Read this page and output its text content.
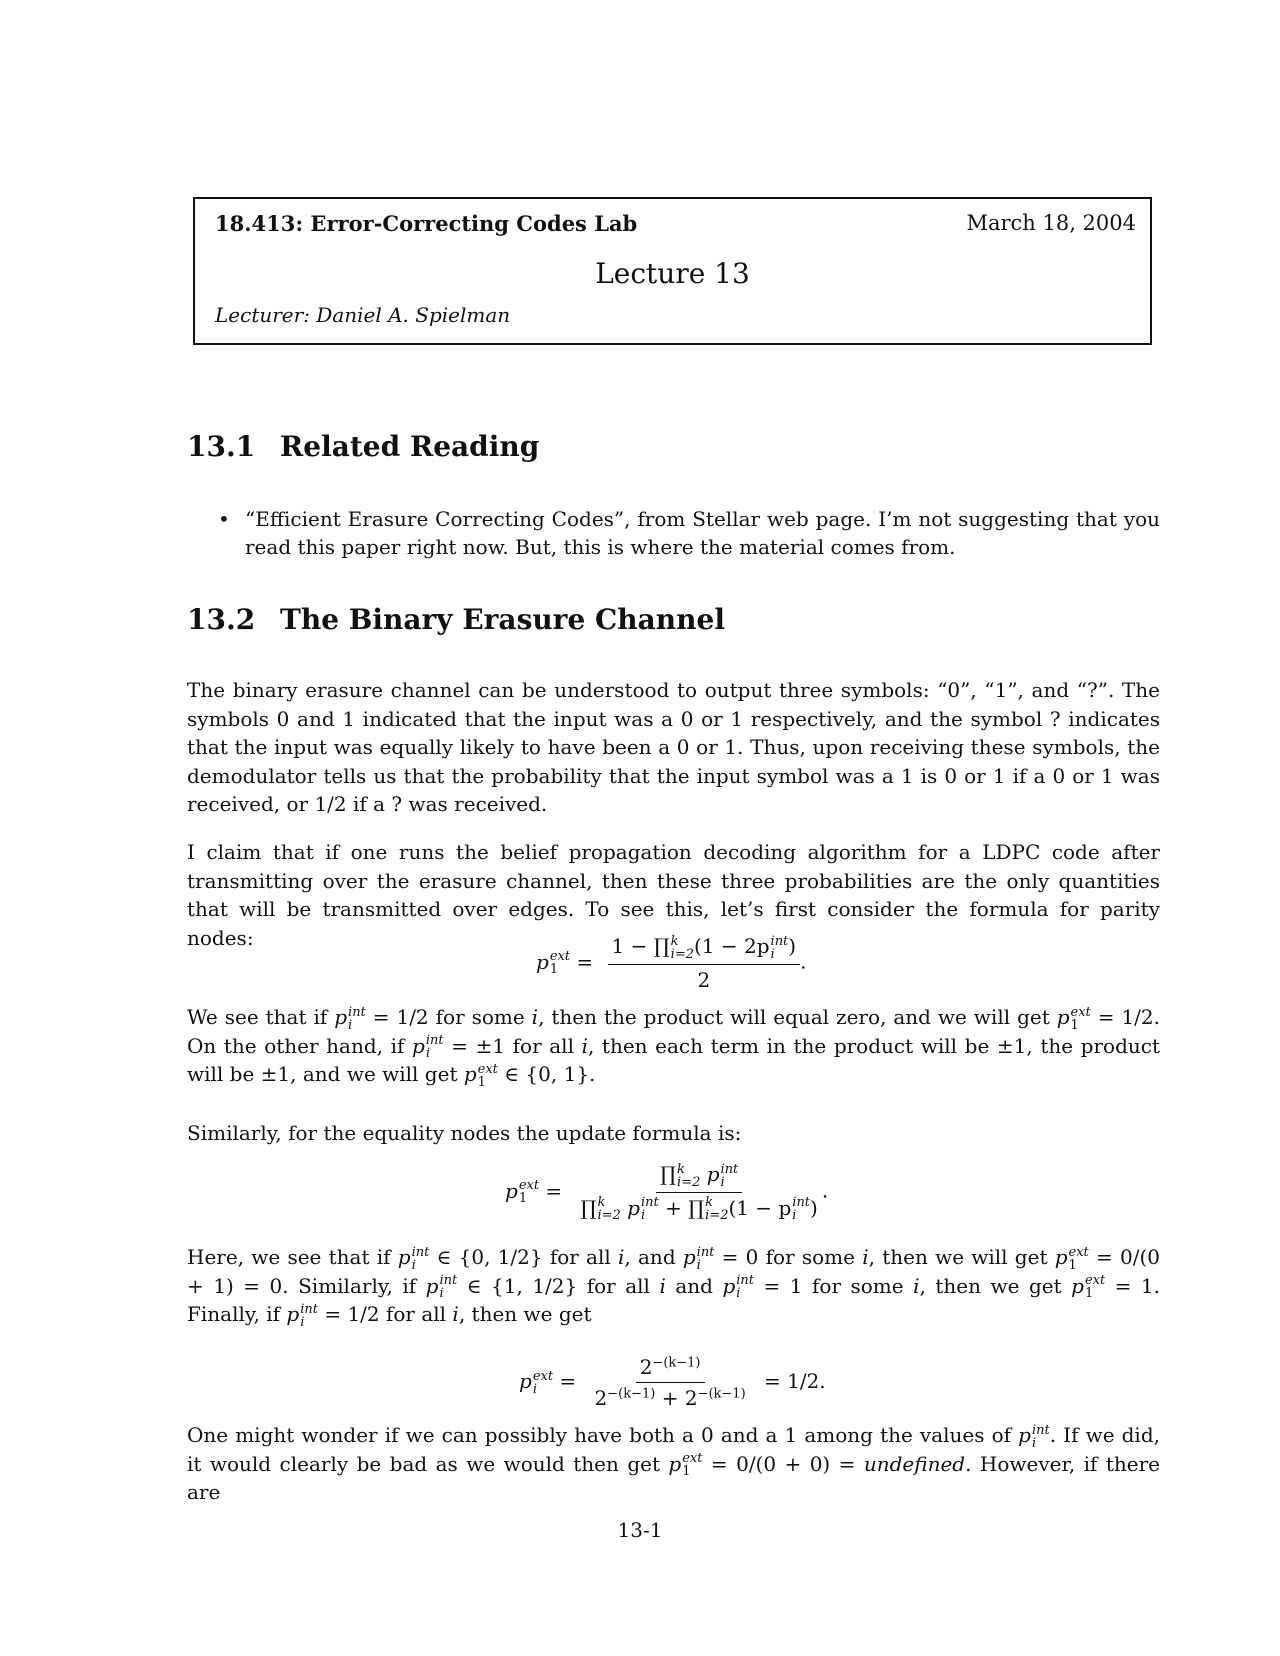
18.413: Error-Correcting Codes Lab	March 18, 2004
Lecture 13
Lecturer: Daniel A. Spielman
13.1 Related Reading
• “Efficient Erasure Correcting Codes”, from Stellar web page. I’m not suggesting that you read this paper right now. But, this is where the material comes from.
13.2 The Binary Erasure Channel

The binary erasure channel can be understood to output three symbols: “0”, “1”, and “?”. The symbols 0 and 1 indicated that the input was a 0 or 1 respectively, and the symbol ? indicates that the input was equally likely to have been a 0 or 1. Thus, upon receiving these symbols, the demodulator tells us that the probability that the input symbol was a 1 is 0 or 1 if a 0 or 1 was received, or 1/2 if a ? was received.

I claim that if one runs the belief propagation decoding algorithm for a LDPC code after transmitting over the erasure channel, then these three probabilities are the only quantities that will be transmitted over edges. To see this, let’s first consider the formula for parity nodes:

p ext
1 = 1 − ∏ k
i=2 (1 − 2p int
i )
2 .

We see that if p int
i = 1/2 for some i, then the product will equal zero, and we will get p ext
1 = 1/2. On the other hand, if p int
i = ±1 for all i, then each term in the product will be ±1, the product will be ±1, and we will get p ext
1 ∈ {0, 1}.

Similarly, for the equality nodes the update formula is:

p ext
1 = ∏ k
i=2 p int
i
∏ k
i=2 p int
i + ∏ k
i=2 (1 − p int
i ) .

Here, we see that if p int
i ∈ {0, 1/2} for all i, and p int
i = 0 for some i, then we will get p ext
1 = 0/(0 + 1) = 0. Similarly, if p int
i ∈ {1, 1/2} for all i and p int
i = 1 for some i, then we get p ext
1 = 1. Finally, if p int
i = 1/2 for all i, then we get

p ext
i	= $\frac{2^{-(k-1)}}{2^{-(k-1)} + 2^{-(k-1)}} = 1/2$.

One might wonder if we can possibly have both a 0 and a 1 among the values of p int
i . If we did, it would clearly be bad as we would then get p ext
1 = 0/(0 + 0) = undefined. However, if there are

13-1
